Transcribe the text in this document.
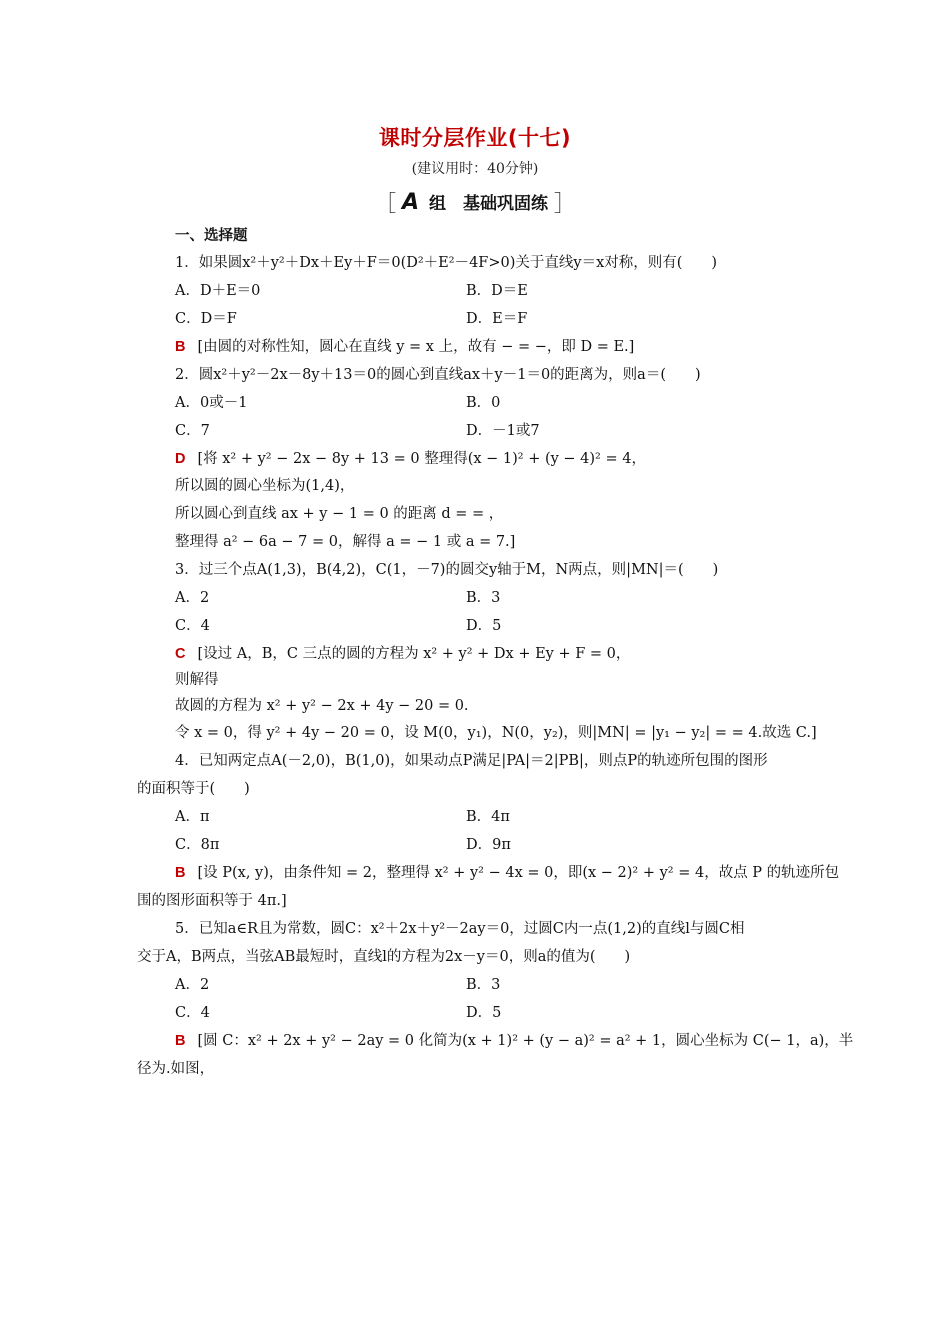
课时分层作业(十七)
(建议用时：40分钟)
［ A 组　基础巩固练 ］
一、选择题
1．如果圆x²＋y²＋Dx＋Ey＋F＝0(D²＋E²－4F>0)关于直线y＝x对称，则有(　　)
A．D＋E＝0	B．D＝E
C．D＝F	D．E＝F
B [由圆的对称性知，圆心在直线 y = x 上，故有 − = −，即 D = E.]
2．圆x²＋y²－2x－8y＋13＝0的圆心到直线ax＋y－1＝0的距离为，则a＝(　　)
A．0或－1	B．0
C．7	D．－1或7
D [将 x² + y² − 2x − 8y + 13 = 0 整理得(x − 1)² + (y − 4)² = 4，
所以圆的圆心坐标为(1,4)，
所以圆心到直线 ax + y − 1 = 0 的距离 d = = ，
整理得 a² − 6a − 7 = 0，解得 a = − 1 或 a = 7.]
3．过三个点A(1,3)，B(4,2)，C(1，－7)的圆交y轴于M，N两点，则|MN|＝(　　)
A．2	B．3
C．4	D．5
C [设过 A，B，C 三点的圆的方程为 x² + y² + Dx + Ey + F = 0，
则解得
故圆的方程为 x² + y² − 2x + 4y − 20 = 0.
令 x = 0，得 y² + 4y − 20 = 0，设 M(0，y₁)，N(0，y₂)，则|MN| = |y₁ − y₂| = = 4.故选 C.]
4．已知两定点A(－2,0)，B(1,0)，如果动点P满足|PA|＝2|PB|，则点P的轨迹所包围的图形
的面积等于(　　)
A．π	B．4π
C．8π	D．9π
B [设 P(x, y)，由条件知 = 2，整理得 x² + y² − 4x = 0，即(x − 2)² + y² = 4，故点 P 的轨迹所包
围的图形面积等于 4π.]
5．已知a∈R且为常数，圆C：x²＋2x＋y²－2ay＝0，过圆C内一点(1,2)的直线l与圆C相
交于A，B两点，当弦AB最短时，直线l的方程为2x－y＝0，则a的值为(　　)
A．2	B．3
C．4	D．5
B [圆 C：x² + 2x + y² − 2ay = 0 化简为(x + 1)² + (y − a)² = a² + 1，圆心坐标为 C(− 1，a)，半
径为.如图，
